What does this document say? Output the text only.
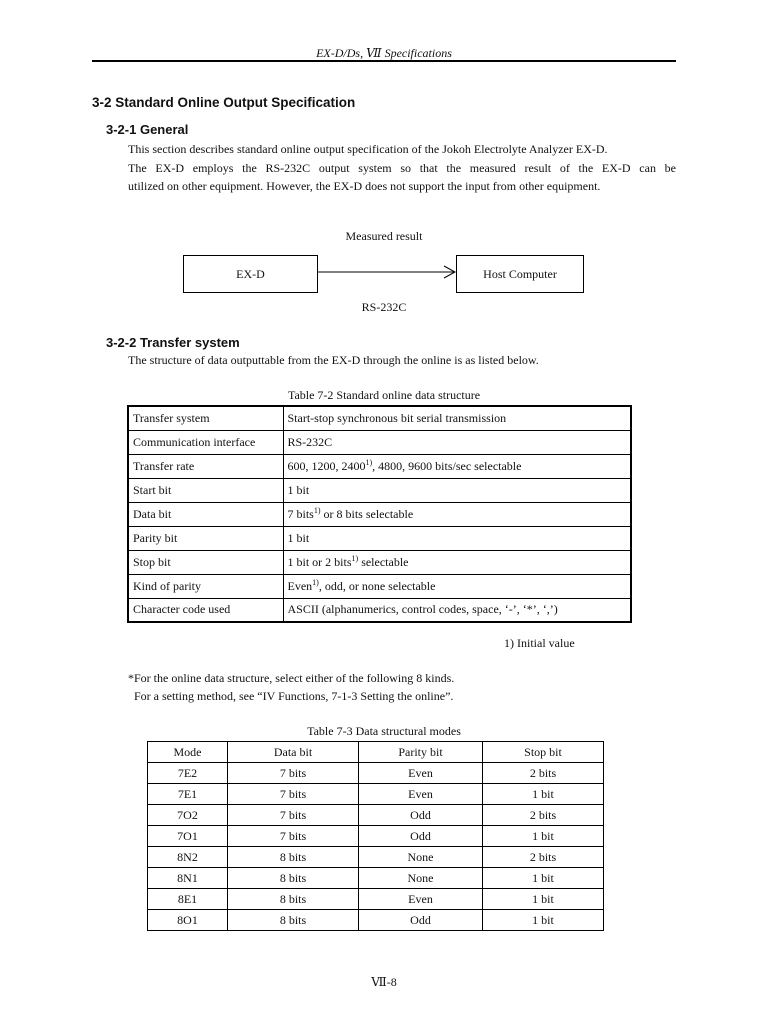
EX-D/Ds, Ⅶ Specifications
3-2 Standard Online Output Specification
3-2-1 General
This section describes standard online output specification of the Jokoh Electrolyte Analyzer EX-D.
The EX-D employs the RS-232C output system so that the measured result of the EX-D can be
utilized on other equipment. However, the EX-D does not support the input from other equipment.
Measured result
EX-D	Host Computer
RS-232C
3-2-2 Transfer system
The structure of data outputtable from the EX-D through the online is as listed below.
Table 7-2 Standard online data structure
Transfer system	Start-stop synchronous bit serial transmission
Communication interface	RS-232C
Transfer rate	600, 1200, 2400$^{1)}$, 4800, 9600 bits/sec selectable
Start bit	1 bit
Data bit	7 bits$^{1)}$ or 8 bits selectable
Parity bit	1 bit
Stop bit	1 bit or 2 bits$^{1)}$ selectable
Kind of parity	Even$^{1)}$, odd, or none selectable
Character code used	ASCII (alphanumerics, control codes, space, ‘-’, ‘*’, ‘,’)
1) Initial value
*For the online data structure, select either of the following 8 kinds.
For a setting method, see “IV Functions, 7-1-3 Setting the online”.
Table 7-3 Data structural modes
Mode	Data bit	Parity bit	Stop bit
7E2	7 bits	Even	2 bits
7E1	7 bits	Even	1 bit
7O2	7 bits	Odd	2 bits
7O1	7 bits	Odd	1 bit
8N2	8 bits	None	2 bits
8N1	8 bits	None	1 bit
8E1	8 bits	Even	1 bit
8O1	8 bits	Odd	1 bit
Ⅶ-8
